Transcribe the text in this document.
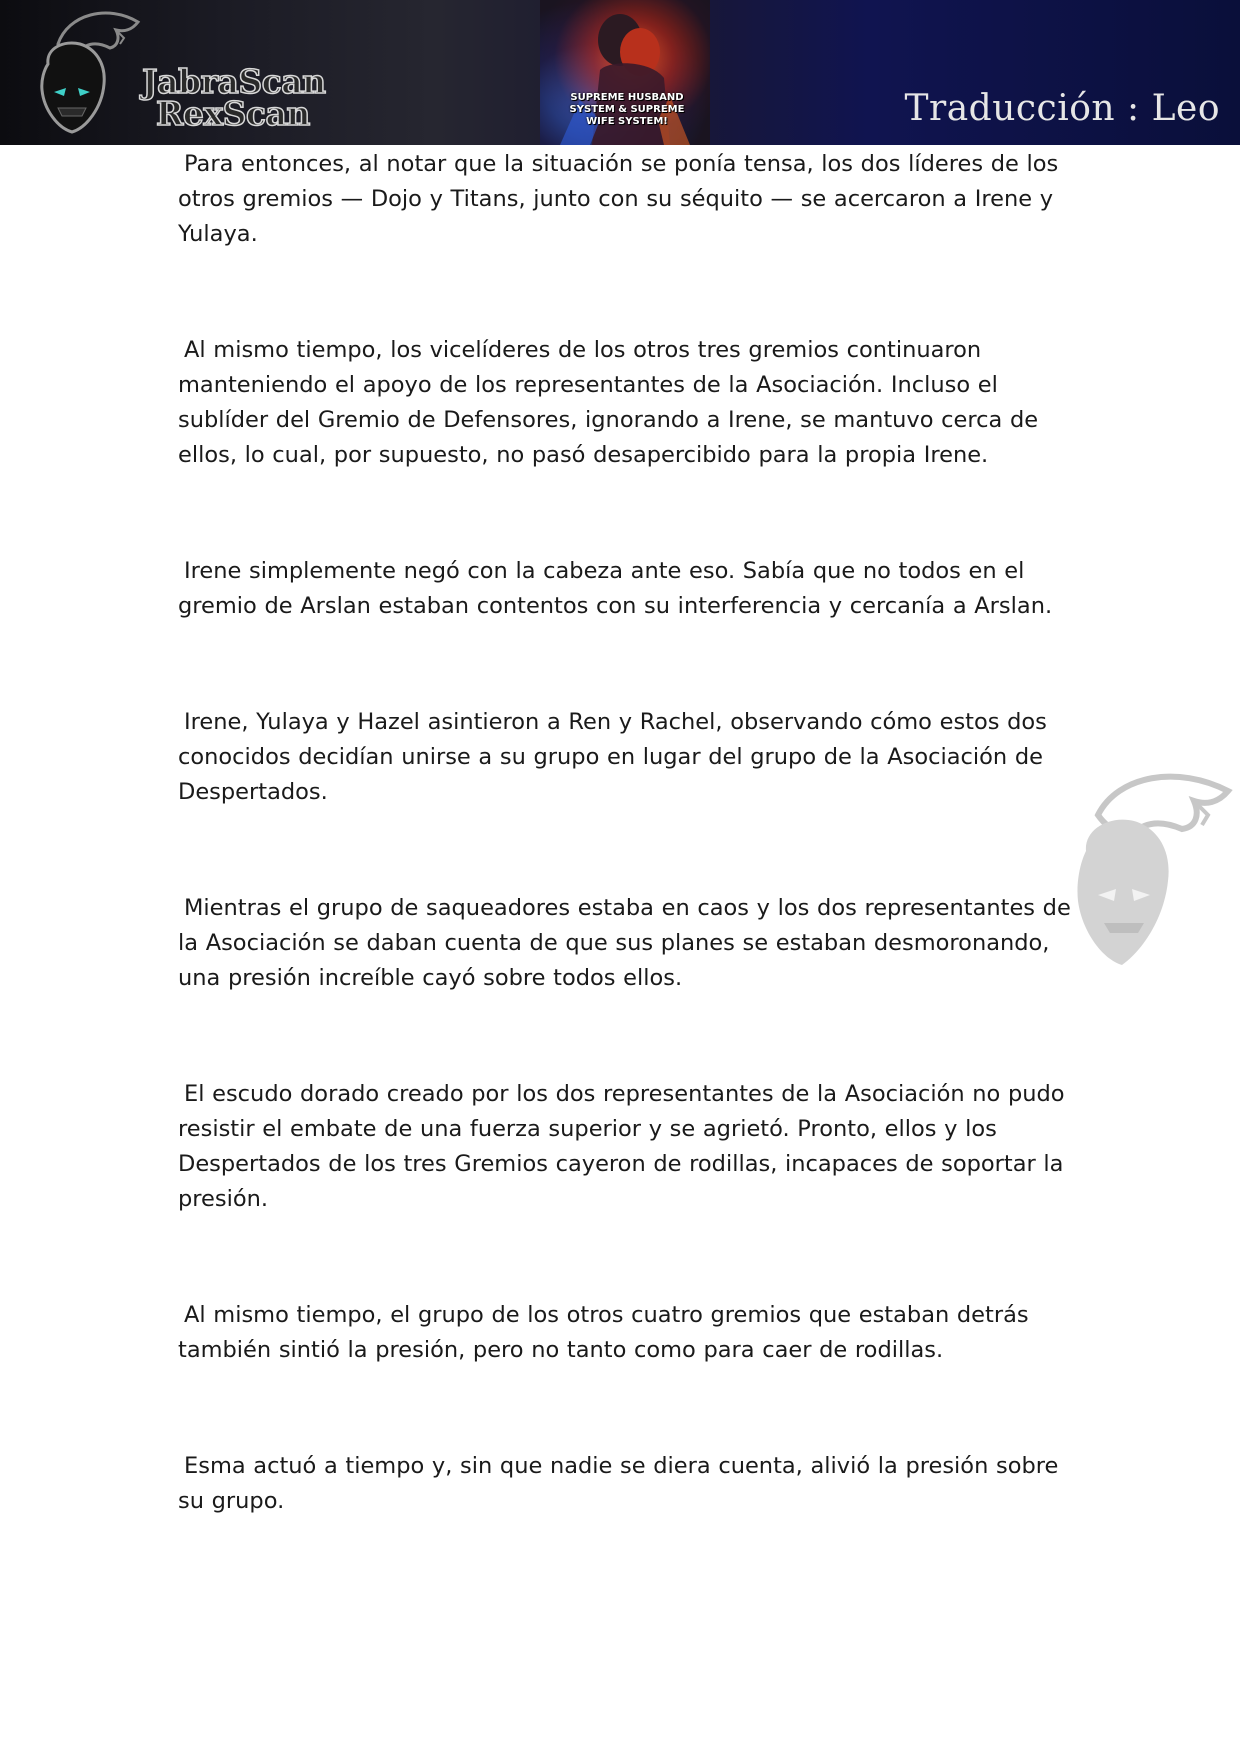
JabraScan
RexScan	SUPREME HUSBAND SYSTEM & SUPREME WIFE SYSTEM!	Traducción : Leo

Para entonces, al notar que la situación se ponía tensa, los dos líderes de los otros gremios — Dojo y Titans, junto con su séquito — se acercaron a Irene y Yulaya.

Al mismo tiempo, los vicelíderes de los otros tres gremios continuaron manteniendo el apoyo de los representantes de la Asociación. Incluso el sublíder del Gremio de Defensores, ignorando a Irene, se mantuvo cerca de ellos, lo cual, por supuesto, no pasó desapercibido para la propia Irene.

Irene simplemente negó con la cabeza ante eso. Sabía que no todos en el gremio de Arslan estaban contentos con su interferencia y cercanía a Arslan.

Irene, Yulaya y Hazel asintieron a Ren y Rachel, observando cómo estos dos conocidos decidían unirse a su grupo en lugar del grupo de la Asociación de Despertados.

Mientras el grupo de saqueadores estaba en caos y los dos representantes de la Asociación se daban cuenta de que sus planes se estaban desmoronando, una presión increíble cayó sobre todos ellos.

El escudo dorado creado por los dos representantes de la Asociación no pudo resistir el embate de una fuerza superior y se agrietó. Pronto, ellos y los Despertados de los tres Gremios cayeron de rodillas, incapaces de soportar la presión.

Al mismo tiempo, el grupo de los otros cuatro gremios que estaban detrás también sintió la presión, pero no tanto como para caer de rodillas.

Esma actuó a tiempo y, sin que nadie se diera cuenta, alivió la presión sobre su grupo.
